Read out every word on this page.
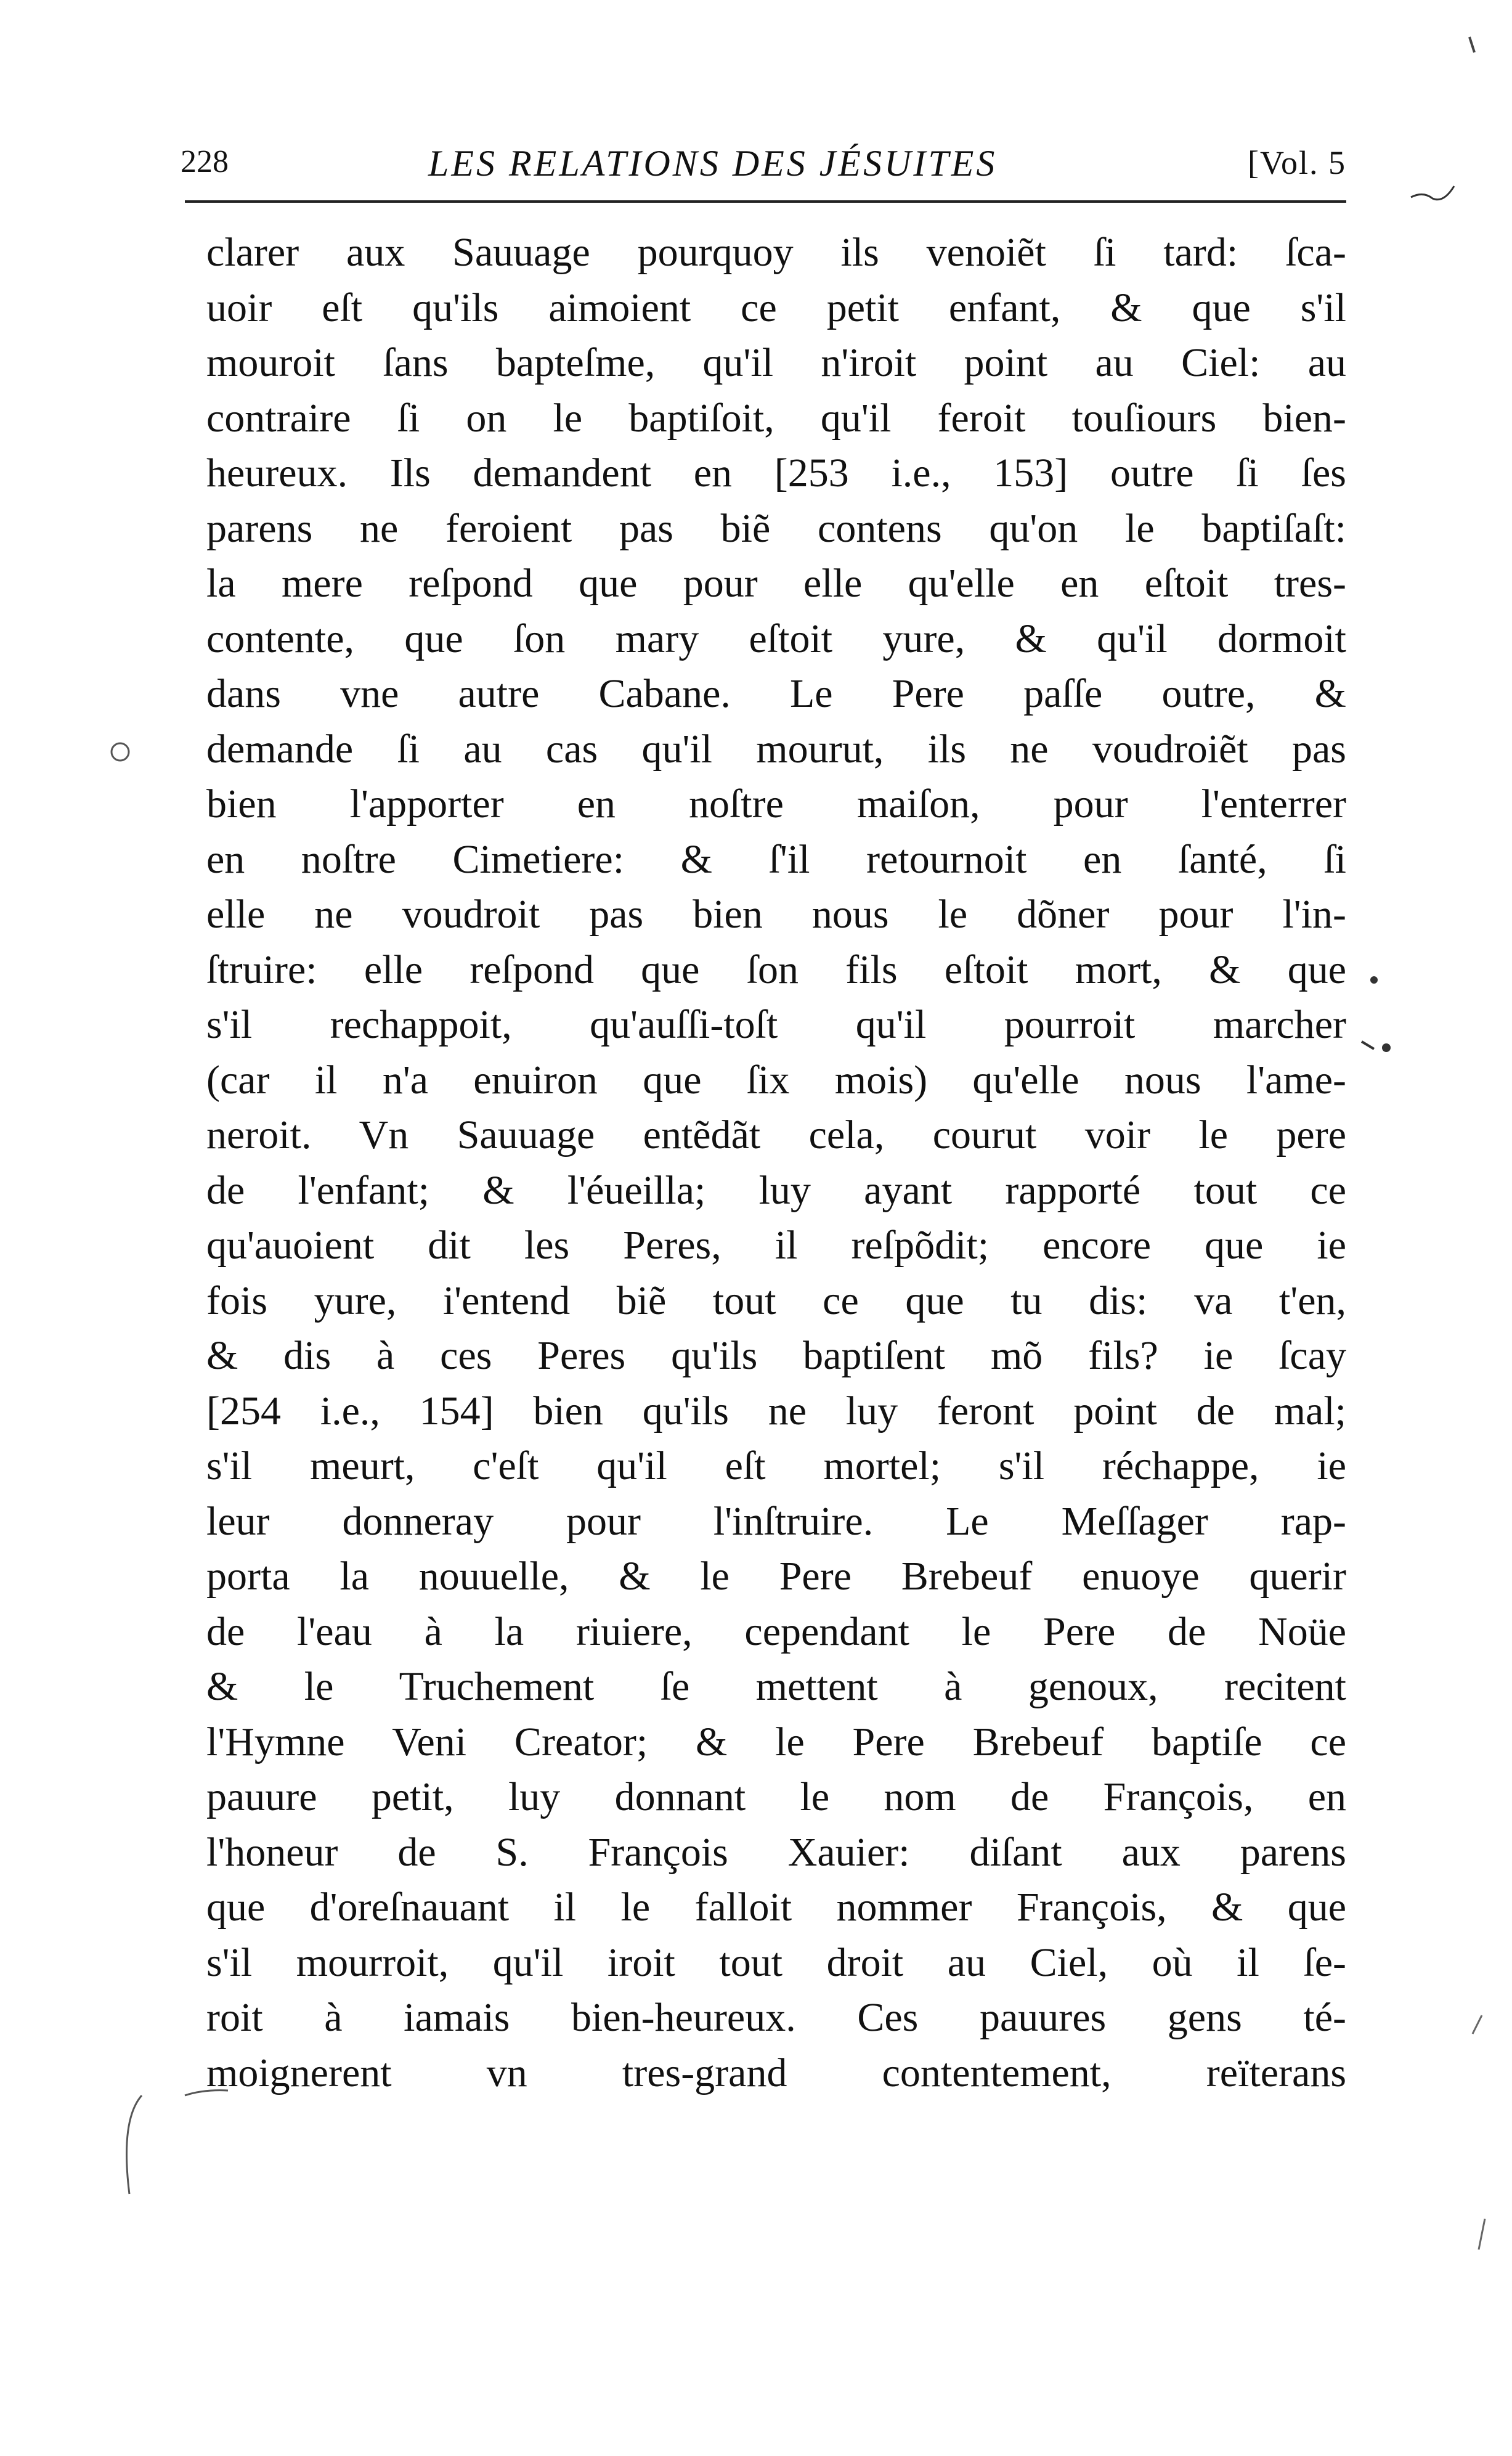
228	LES RELATIONS DES JÉSUITES	[Vol. 5
clarer aux Sauuage pourquoy ils venoiẽt ſi tard: ſca-
uoir eſt qu'ils aimoient ce petit enfant, & que s'il
mouroit ſans bapteſme, qu'il n'iroit point au Ciel: au
contraire ſi on le baptiſoit, qu'il feroit touſiours bien-
heureux. Ils demandent en [253 i.e., 153] outre ſi ſes
parens ne feroient pas biẽ contens qu'on le baptiſaſt:
la mere reſpond que pour elle qu'elle en eſtoit tres-
contente, que ſon mary eſtoit yure, & qu'il dormoit
dans vne autre Cabane. Le Pere paſſe outre, &
demande ſi au cas qu'il mourut, ils ne voudroiẽt pas
bien l'apporter en noſtre maiſon, pour l'enterrer
en noſtre Cimetiere: & ſ'il retournoit en ſanté, ſi
elle ne voudroit pas bien nous le dõner pour l'in-
ſtruire: elle reſpond que ſon fils eſtoit mort, & que
s'il rechappoit, qu'auſſi-toſt qu'il pourroit marcher
(car il n'a enuiron que ſix mois) qu'elle nous l'ame-
neroit. Vn Sauuage entẽdãt cela, courut voir le pere
de l'enfant; & l'éueilla; luy ayant rapporté tout ce
qu'auoient dit les Peres, il reſpõdit; encore que ie
fois yure, i'entend biẽ tout ce que tu dis: va t'en,
& dis à ces Peres qu'ils baptiſent mõ fils? ie ſcay
[254 i.e., 154] bien qu'ils ne luy feront point de mal;
s'il meurt, c'eſt qu'il eſt mortel; s'il réchappe, ie
leur donneray pour l'inſtruire. Le Meſſager rap-
porta la nouuelle, & le Pere Brebeuf enuoye querir
de l'eau à la riuiere, cependant le Pere de Noüe
& le Truchement ſe mettent à genoux, recitent
l'Hymne Veni Creator; & le Pere Brebeuf baptiſe ce
pauure petit, luy donnant le nom de François, en
l'honeur de S. François Xauier: diſant aux parens
que d'oreſnauant il le falloit nommer François, & que
s'il mourroit, qu'il iroit tout droit au Ciel, où il ſe-
roit à iamais bien-heureux. Ces pauures gens té-
moignerent vn tres-grand contentement, reïterans
